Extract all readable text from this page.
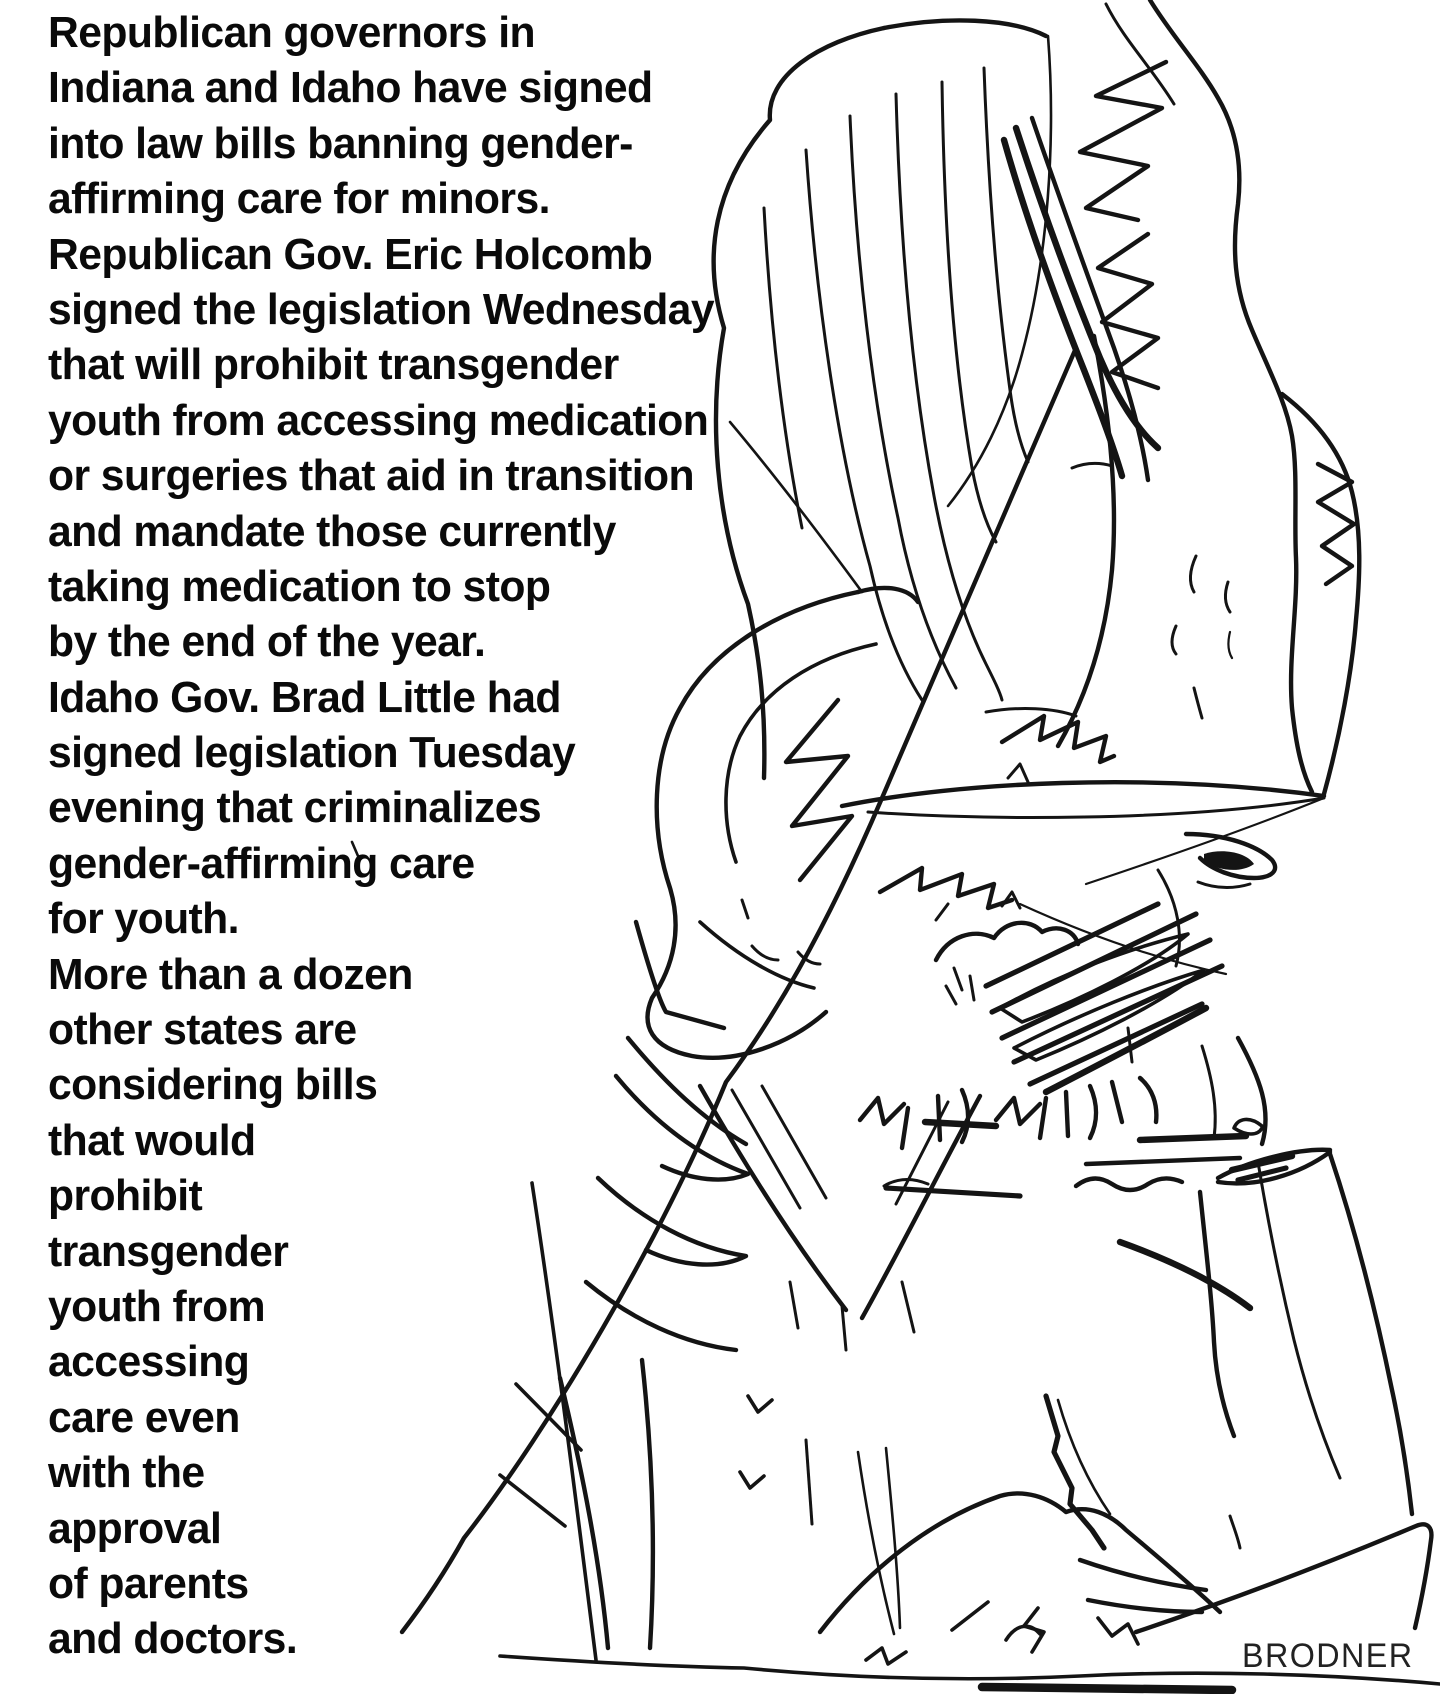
Republican governors in
Indiana and Idaho have signed
into law bills banning gender-
affirming care for minors.
Republican Gov. Eric Holcomb
signed the legislation Wednesday
that will prohibit transgender
youth from accessing medication
or surgeries that aid in transition
and mandate those currently
taking medication to stop
by the end of the year.
Idaho Gov. Brad Little had
signed legislation Tuesday
evening that criminalizes
gender-affirming care
for youth.
More than a dozen
other states are
considering bills
that would
prohibit
transgender
youth from
accessing
care even
with the
approval
of parents
and doctors.	BRODNER
